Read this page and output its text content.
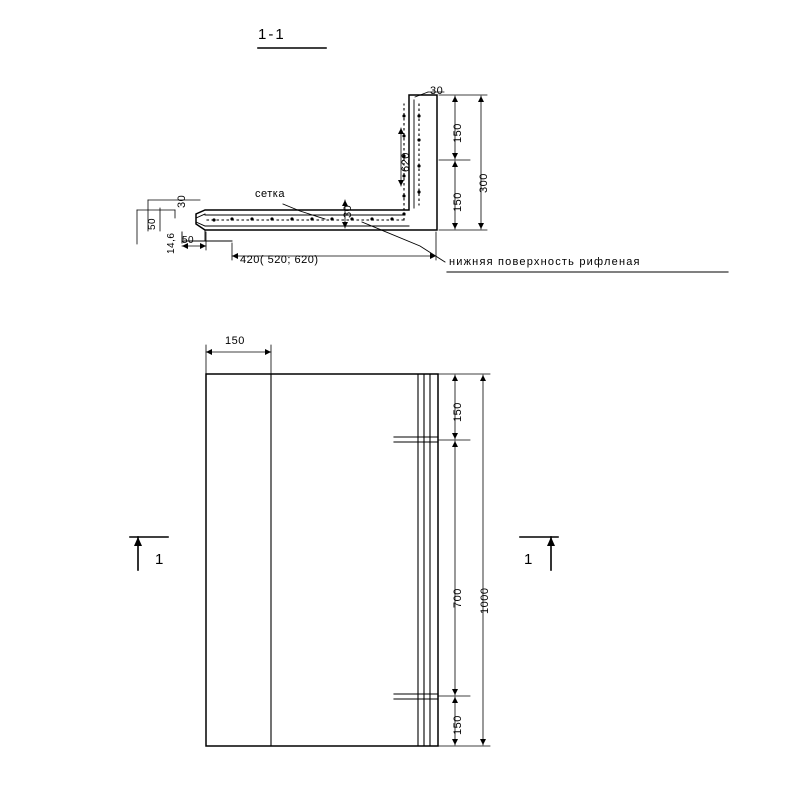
1-1
30
620
150
150
300
30
30
50
14,6 50
420( 520; 620)
сетка
нижняя поверхность рифленая
150
150
700
150
1000
1	1
